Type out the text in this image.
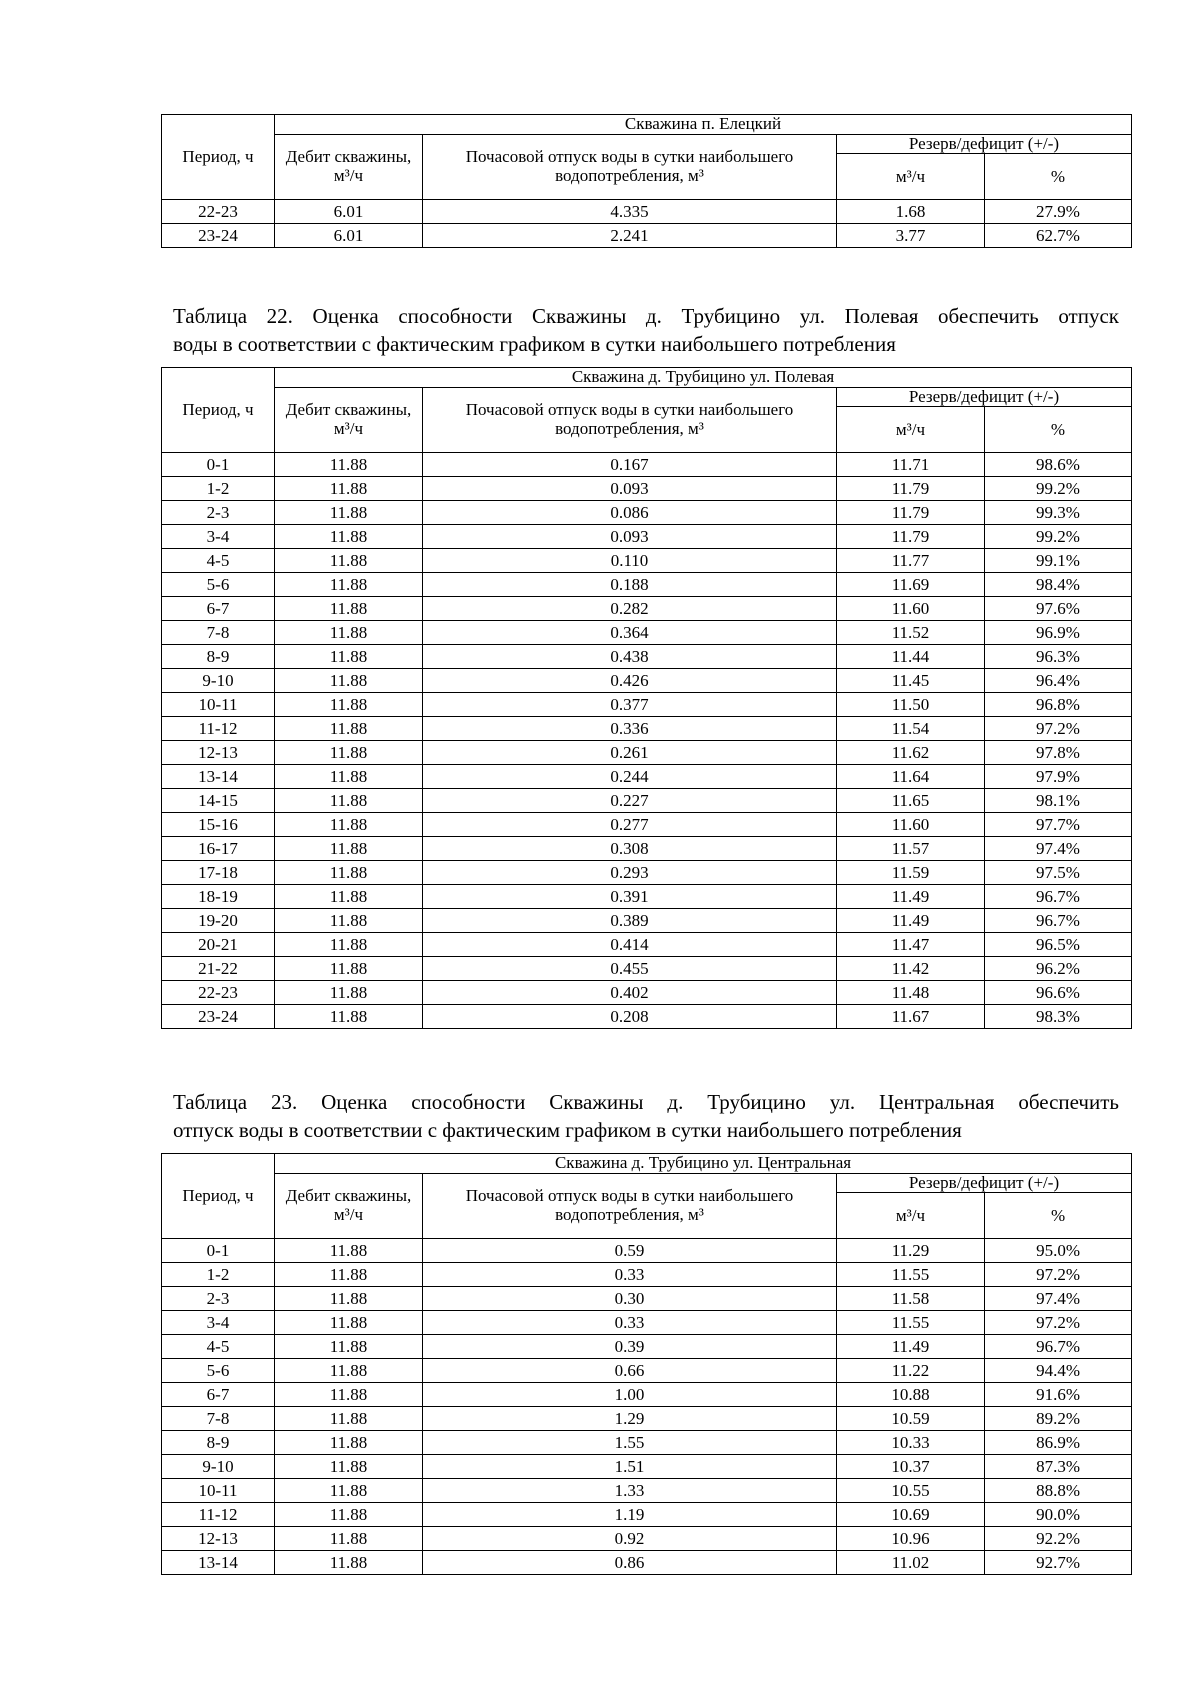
Период, ч	Скважина п. Елецкий			
	Дебит скважины, м³/ч	Почасовой отпуск воды в сутки наибольшего водопотребления, м³	Резерв/дефицит (+/-)	
			м³/ч	%
22-23	6.01	4.335	1.68	27.9%
23-24	6.01	2.241	3.77	62.7%

Таблица 22. Оценка способности Скважины д. Трубицино ул. Полевая обеспечить отпуск
воды в соответствии с фактическим графиком в сутки наибольшего потребления

Период, ч	Скважина д. Трубицино ул. Полевая			
	Дебит скважины, м³/ч	Почасовой отпуск воды в сутки наибольшего водопотребления, м³	Резерв/дефицит (+/-)	
			м³/ч	%
0-1	11.88	0.167	11.71	98.6%
1-2	11.88	0.093	11.79	99.2%
2-3	11.88	0.086	11.79	99.3%
3-4	11.88	0.093	11.79	99.2%
4-5	11.88	0.110	11.77	99.1%
5-6	11.88	0.188	11.69	98.4%
6-7	11.88	0.282	11.60	97.6%
7-8	11.88	0.364	11.52	96.9%
8-9	11.88	0.438	11.44	96.3%
9-10	11.88	0.426	11.45	96.4%
10-11	11.88	0.377	11.50	96.8%
11-12	11.88	0.336	11.54	97.2%
12-13	11.88	0.261	11.62	97.8%
13-14	11.88	0.244	11.64	97.9%
14-15	11.88	0.227	11.65	98.1%
15-16	11.88	0.277	11.60	97.7%
16-17	11.88	0.308	11.57	97.4%
17-18	11.88	0.293	11.59	97.5%
18-19	11.88	0.391	11.49	96.7%
19-20	11.88	0.389	11.49	96.7%
20-21	11.88	0.414	11.47	96.5%
21-22	11.88	0.455	11.42	96.2%
22-23	11.88	0.402	11.48	96.6%
23-24	11.88	0.208	11.67	98.3%

Таблица 23. Оценка способности Скважины д. Трубицино ул. Центральная обеспечить
отпуск воды в соответствии с фактическим графиком в сутки наибольшего потребления

Период, ч	Скважина д. Трубицино ул. Центральная			
	Дебит скважины, м³/ч	Почасовой отпуск воды в сутки наибольшего водопотребления, м³	Резерв/дефицит (+/-)	
			м³/ч	%
0-1	11.88	0.59	11.29	95.0%
1-2	11.88	0.33	11.55	97.2%
2-3	11.88	0.30	11.58	97.4%
3-4	11.88	0.33	11.55	97.2%
4-5	11.88	0.39	11.49	96.7%
5-6	11.88	0.66	11.22	94.4%
6-7	11.88	1.00	10.88	91.6%
7-8	11.88	1.29	10.59	89.2%
8-9	11.88	1.55	10.33	86.9%
9-10	11.88	1.51	10.37	87.3%
10-11	11.88	1.33	10.55	88.8%
11-12	11.88	1.19	10.69	90.0%
12-13	11.88	0.92	10.96	92.2%
13-14	11.88	0.86	11.02	92.7%
